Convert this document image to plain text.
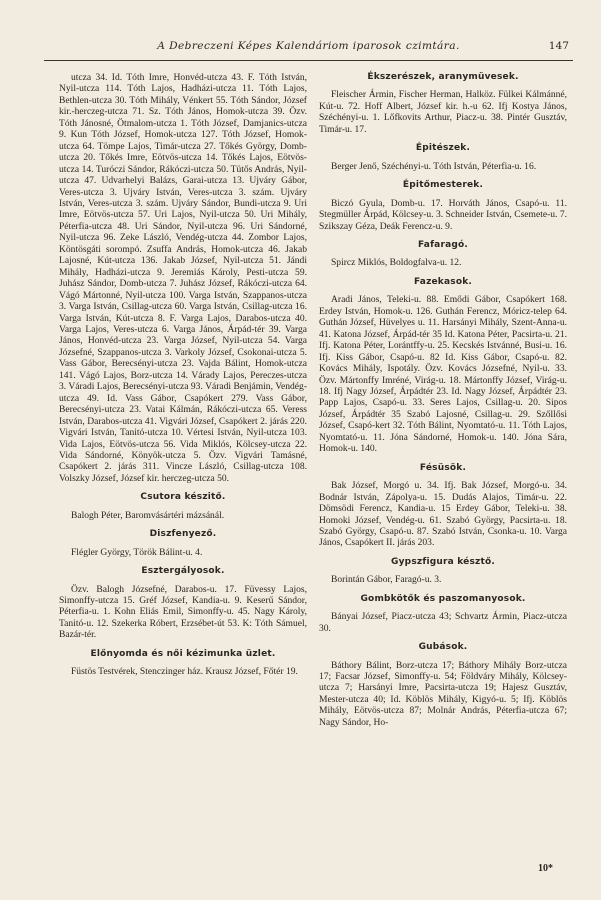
A Debreczeni Képes Kalendáriom iparosok czimtára.	147

utcza 34. Id. Tóth Imre, Honvéd-utcza 43. F. Tóth István, Nyil-utcza 114. Tóth Lajos, Hadházi-utcza 11. Tóth Lajos, Bethlen-utcza 30. Tóth Mihály, Vénkert 55. Tóth Sándor, József kir.-herczeg-utcza 71. Sz. Tóth János, Homok-utcza 39. Özv. Tóth Jánosné, Ötmalom-utcza 1. Tóth József, Damjanics-utcza 9. Kun Tóth József, Homok-utcza 127. Tóth József, Homok-utcza 64. Tömpe Lajos, Timár-utcza 27. Tőkés György, Domb-utcza 20. Tőkés Imre, Eötvös-utcza 14. Tőkés Lajos, Eötvös-utcza 14. Turóczi Sándor, Rákóczi-utcza 50. Tütős András, Nyil-utcza 47. Udvarhelyi Balázs, Garai-utcza 13. Ujváry Gábor, Veres-utcza 3. Ujváry István, Veres-utcza 3. szám. Ujváry István, Veres-utcza 3. szám. Ujváry Sándor, Bundi-utcza 9. Uri Imre, Eötvös-utcza 57. Uri Lajos, Nyil-utcza 50. Uri Mihály, Péterfia-utcza 48. Uri Sándor, Nyil-utcza 96. Uri Sándorné, Nyil-utcza 96. Zeke László, Vendég-utcza 44. Zombor Lajos, Köntösgáti sorompó. Zsuffa András, Homok-utcza 46. Jakab Lajosné, Kút-utcza 136. Jakab József, Nyil-utcza 51. Jándi Mihály, Hadházi-utcza 9. Jeremiás Károly, Pesti-utcza 59. Juhász Sándor, Domb-utcza 7. Juhász József, Rákóczi-utcza 64. Vágó Mártonné, Nyil-utcza 100. Varga István, Szappanos-utcza 3. Varga István, Csillag-utcza 60. Varga István, Csillag-utcza 16. Varga István, Kút-utcza 8. F. Varga Lajos, Darabos-utcza 40. Varga Lajos, Veres-utcza 6. Varga János, Árpád-tér 39. Varga János, Honvéd-utcza 23. Varga József, Nyil-utcza 54. Varga Józsefné, Szappanos-utcza 3. Varkoly József, Csokonai-utcza 5. Vass Gábor, Berecsényi-utcza 23. Vajda Bálint, Homok-utcza 141. Vágó Lajos, Borz-utcza 14. Várady Lajos, Pereczes-utcza 3. Váradi Lajos, Berecsényi-utcza 93. Váradi Benjámin, Vendég-utcza 49. Id. Vass Gábor, Csapókert 279. Vass Gábor, Berecsényi-utcza 23. Vatai Kálmán, Rákóczi-utcza 65. Veress István, Darabos-utcza 41. Vigvári József, Csapókert 2. járás 220. Vigvári István, Tanitó-utcza 10. Vértesi István, Nyil-utcza 103. Vida Lajos, Eötvös-utcza 56. Vida Miklós, Kölcsey-utcza 22. Vida Sándorné, Könyök-utcza 5. Özv. Vigvári Tamásné, Csapókert 2. járás 311. Vincze László, Csillag-utcza 108. Volszky József, József kir. herczeg-utcza 50.

Csutora készitő.

Balogh Péter, Baromvásártéri mázsánál.

Diszfenyező.

Flégler György, Török Bálint-u. 4.

Esztergályosok.

Özv. Balogh Józsefné, Darabos-u. 17. Füvessy Lajos, Simonffy-utcza 15. Gréf József, Kandia-u. 9. Keserű Sándor, Péterfia-u. 1. Kohn Eliás Emil, Simonffy-u. 45. Nagy Károly, Tanitó-u. 12. Szekerka Róbert, Erzsébet-út 53. K: Tóth Sámuel, Bazár-tér.

Előnyomda és női kézimunka üzlet.

Füstös Testvérek, Stenczinger ház. Krausz József, Főtér 19.

Ékszerészek, aranymüvesek.

Fleischer Ármin, Fischer Herman, Halköz. Fülkei Kálmánné, Kút-u. 72. Hoff Albert, József kir. h.-u 62. Ifj Kostya János, Széchényi-u. 1. Lőfkovits Arthur, Piacz-u. 38. Pintér Gusztáv, Timár-u. 17.

Épitészek.

Berger Jenő, Széchényi-u. Tóth István, Péterfia-u. 16.

Épitőmesterek.

Biczó Gyula, Domb-u. 17. Horváth János, Csapó-u. 11. Stegmüller Árpád, Kölcsey-u. 3. Schneider István, Csemete-u. 7. Szikszay Géza, Deák Ferencz-u. 9.

Fafaragó.

Spircz Miklós, Boldogfalva-u. 12.

Fazekasok.

Aradi János, Teleki-u. 88. Emődi Gábor, Csapókert 168. Erdey István, Homok-u. 126. Guthán Ferencz, Móricz-telep 64. Guthán József, Hüvelyes u. 11. Harsányi Mihály, Szent-Anna-u. 41. Katona József, Árpád-tér 35 Id. Katona Péter, Pacsirta-u. 21. Ifj. Katona Péter, Lorántffy-u. 25. Kecskés Istvánné, Busi-u. 16. Ifj. Kiss Gábor, Csapó-u. 82 Id. Kiss Gábor, Csapó-u. 82. Kovács Mihály, Ispotály. Özv. Kovács Józsefné, Nyil-u. 33. Özv. Mártonffy Imréné, Virág-u. 18. Mártonffy József, Virág-u. 18. Ifj Nagy József, Árpádtér 23. Id. Nagy József, Árpádtér 23. Papp Lajos, Csapó-u. 33. Seres Lajos, Csillag-u. 20. Sipos József, Árpádtér 35 Szabó Lajosné, Csillag-u. 29. Szőllősi József, Csapó-kert 32. Tóth Bálint, Nyomtató-u. 11. Tóth Lajos, Nyomtató-u. 11. Jóna Sándorné, Homok-u. 140. Jóna Sára, Homok-u. 140.

Fésüsök.

Bak József, Morgó u. 34. Ifj. Bak József, Morgó-u. 34. Bodnár István, Zápolya-u. 15. Dudás Alajos, Timár-u. 22. Dömsödi Ferencz, Kandia-u. 15 Erdey Gábor, Teleki-u. 38. Homoki József, Vendég-u. 61. Szabó György, Pacsirta-u. 18. Szabó György, Csapó-u. 87. Szabó István, Csonka-u. 10. Varga János, Csapókert II. járás 203.

Gypszfigura késztő.

Borintán Gábor, Faragó-u. 3.

Gombkötők és paszomanyosok.

Bányai József, Piacz-utcza 43; Schvartz Ármin, Piacz-utcza 30.

Gubások.

Báthory Bálint, Borz-utcza 17; Báthory Mihály Borz-utcza 17; Facsar József, Simonffy-u. 54; Földváry Mihály, Kölcsey-utcza 7; Harsányi Imre, Pacsirta-utcza 19; Hajesz Gusztáv, Mester-utcza 40; Id. Köblös Mihály, Kigyó-u. 5; Ifj. Köblös Mihály, Eötvös-utcza 87; Molnár András, Péterfia-utcza 67; Nagy Sándor, Ho-

10*
